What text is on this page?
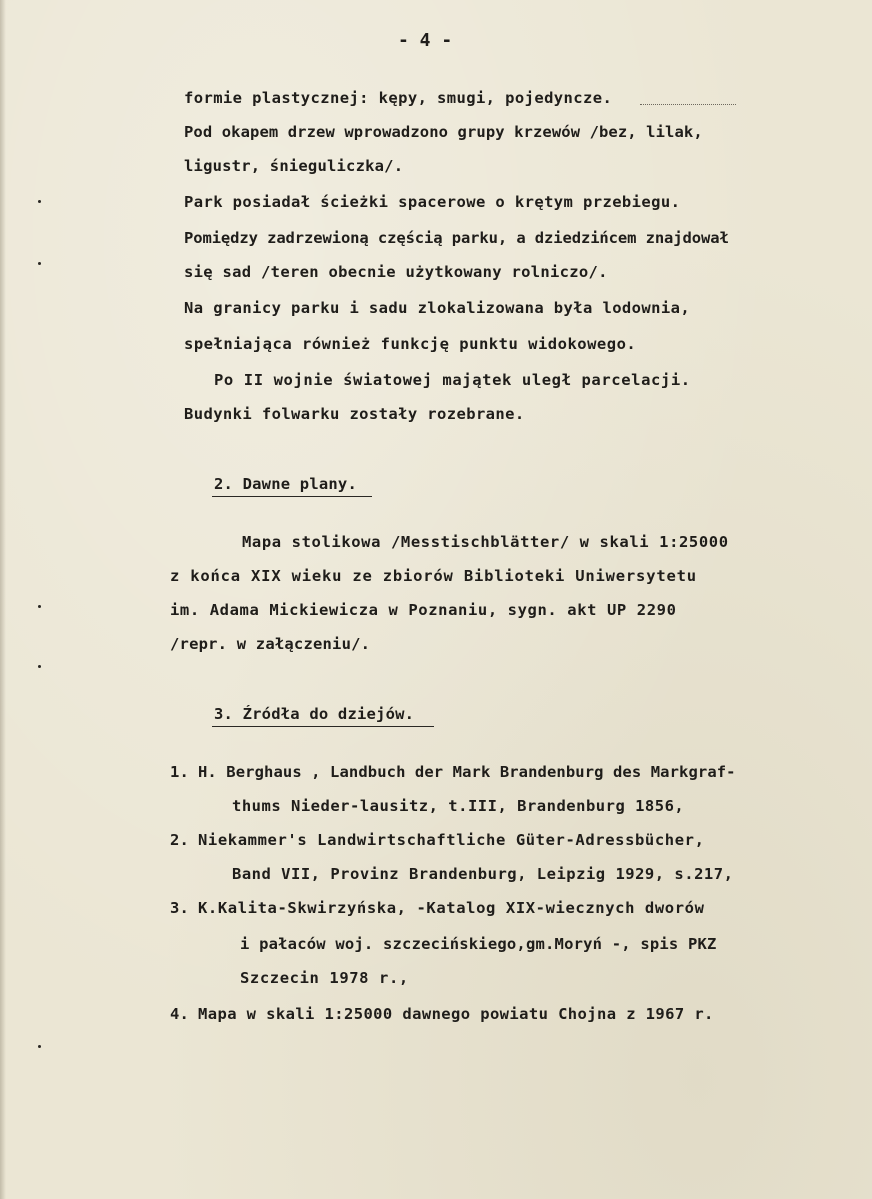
- 4 -
formie plastycznej: kępy, smugi, pojedyncze.
Pod okapem drzew wprowadzono grupy krzewów /bez, lilak,
ligustr, śnieguliczka/.
Park posiadał ścieżki spacerowe o krętym przebiegu.
Pomiędzy zadrzewioną częścią parku, a dziedzińcem znajdował
się sad /teren obecnie użytkowany rolniczo/.
Na granicy parku i sadu zlokalizowana była lodownia,
spełniająca również funkcję punktu widokowego.
Po II wojnie światowej majątek uległ parcelacji.
Budynki folwarku zostały rozebrane.
2. Dawne plany.
Mapa stolikowa /Messtischblätter/ w skali 1:25000
z końca XIX wieku ze zbiorów Biblioteki Uniwersytetu
im. Adama Mickiewicza w Poznaniu, sygn. akt UP 2290
/repr. w załączeniu/.
3. Źródła do dziejów.
1. H. Berghaus , Landbuch der Mark Brandenburg des Markgraf-
thums Nieder-lausitz, t.III, Brandenburg 1856,
2. Niekammer's Landwirtschaftliche Güter-Adressbücher,
Band VII, Provinz Brandenburg, Leipzig 1929, s.217,
3. K.Kalita-Skwirzyńska, -Katalog XIX-wiecznych dworów
i pałaców woj. szczecińskiego,gm.Moryń -, spis PKZ
Szczecin 1978 r.,
4. Mapa w skali 1:25000 dawnego powiatu Chojna z 1967 r.
